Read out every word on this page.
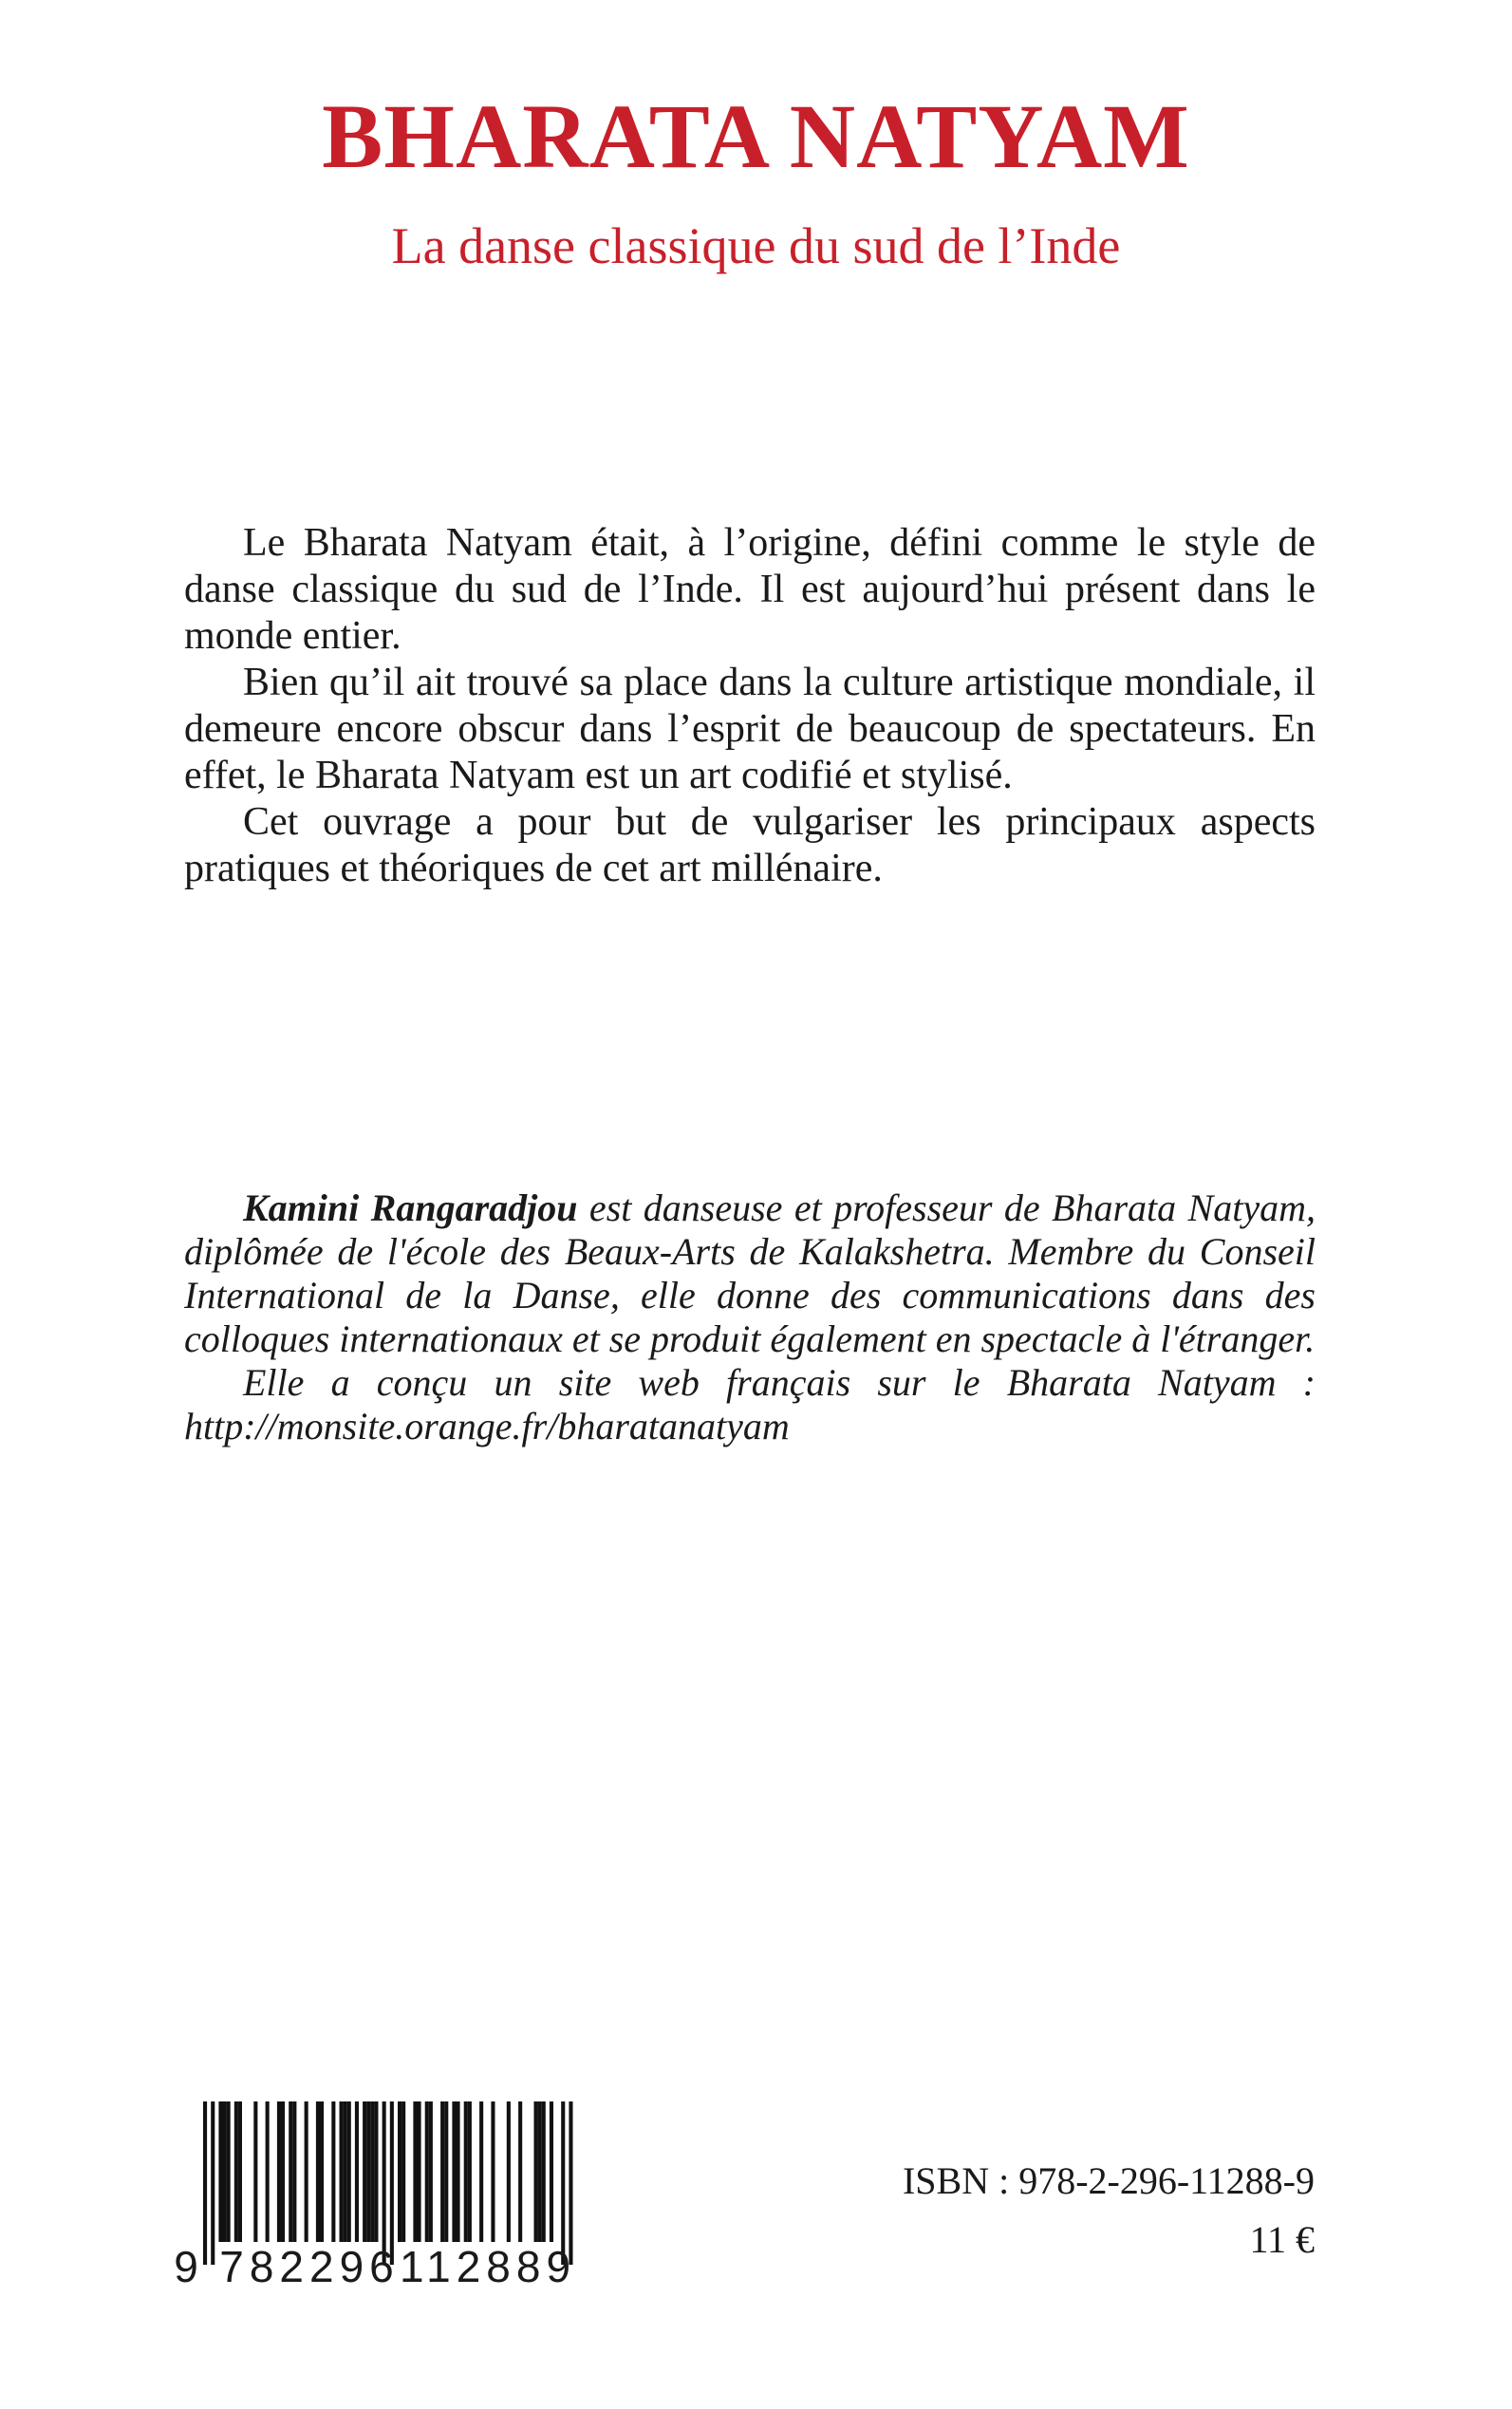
BHARATA NATYAM
La danse classique du sud de l’Inde

Le Bharata Natyam était, à l’origine, défini comme le style de danse classique du sud de l’Inde. Il est aujourd’hui présent dans le monde entier.

Bien qu’il ait trouvé sa place dans la culture artistique mondiale, il demeure encore obscur dans l’esprit de beaucoup de spectateurs. En effet, le Bharata Natyam est un art codifié et stylisé.

Cet ouvrage a pour but de vulgariser les principaux aspects pratiques et théoriques de cet art millénaire.

Kamini Rangaradjou est danseuse et professeur de Bharata Natyam, diplômée de l'école des Beaux-Arts de Kalakshetra. Membre du Conseil International de la Danse, elle donne des communications dans des colloques internationaux et se produit également en spectacle à l'étranger.

Elle a conçu un site web français sur le Bharata Natyam : http://monsite.orange.fr/bharatanatyam

9 782296 112889
ISBN : 978-2-296-11288-9
11 €
